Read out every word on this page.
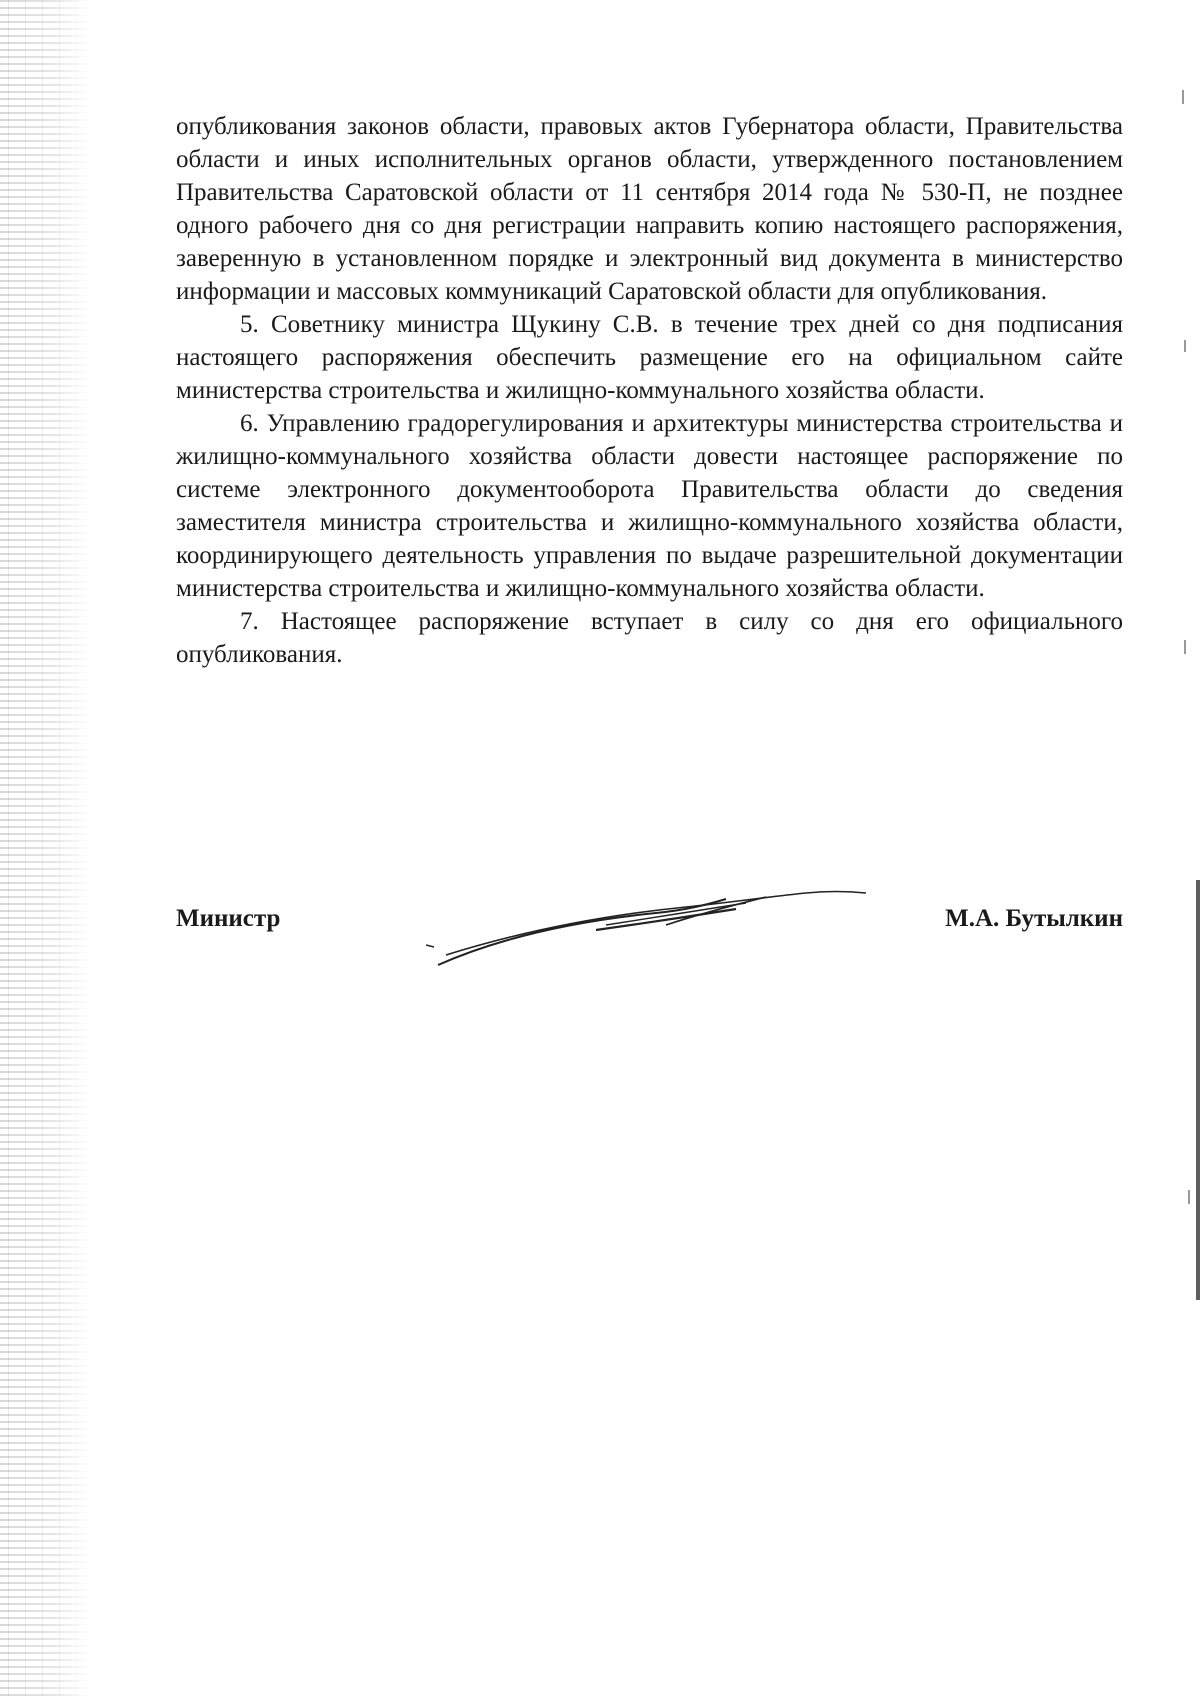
опубликования законов области, правовых актов Губернатора области, Правительства области и иных исполнительных органов области, утвержденного постановлением Правительства Саратовской области от 11 сентября 2014 года № 530-П, не позднее одного рабочего дня со дня регистрации направить копию настоящего распоряжения, заверенную в установленном порядке и электронный вид документа в министерство информации и массовых коммуникаций Саратовской области для опубликования.

5. Советнику министра Щукину С.В. в течение трех дней со дня подписания настоящего распоряжения обеспечить размещение его на официальном сайте министерства строительства и жилищно-коммунального хозяйства области.

6. Управлению градорегулирования и архитектуры министерства строительства и жилищно-коммунального хозяйства области довести настоящее распоряжение по системе электронного документооборота Правительства области до сведения заместителя министра строительства и жилищно-коммунального хозяйства области, координирующего деятельность управления по выдаче разрешительной документации министерства строительства и жилищно-коммунального хозяйства области.

7. Настоящее распоряжение вступает в силу со дня его официального опубликования.

Министр	М.А. Бутылкин
